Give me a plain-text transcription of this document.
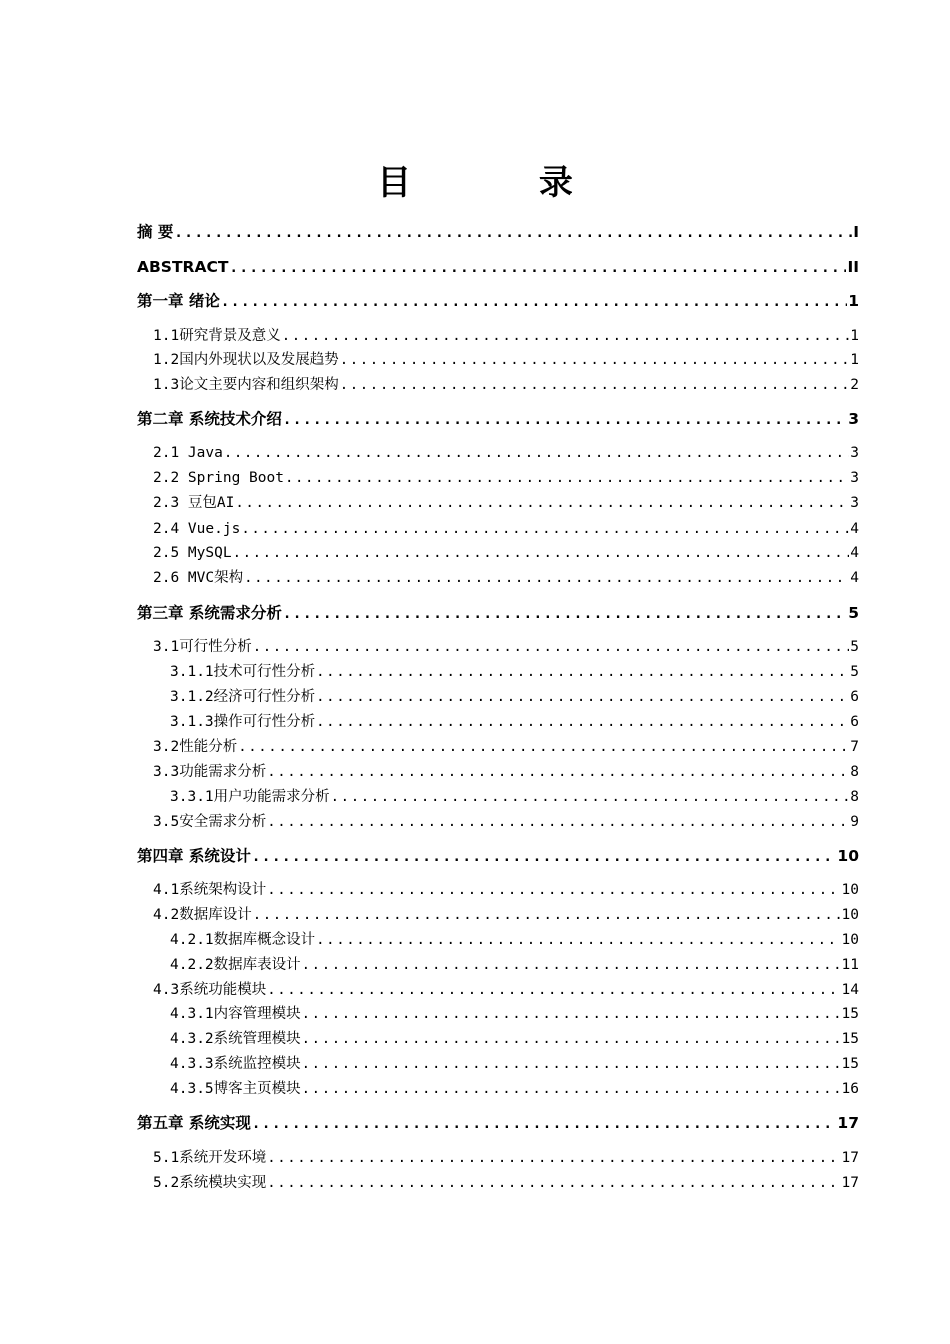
目 录
摘 要 .....	I
ABSTRACT .....	II
第一章 绪论 .....	1
1.1研究背景及意义 .....	1
1.2国内外现状以及发展趋势 .....	1
1.3论文主要内容和组织架构 .....	2
第二章 系统技术介绍 .....	3
2.1 Java .....	3
2.2 Spring Boot .....	3
2.3 豆包AI .....	3
2.4 Vue.js .....	4
2.5 MySQL .....	4
2.6 MVC架构 .....	4
第三章 系统需求分析 .....	5
3.1可行性分析 .....	5
3.1.1技术可行性分析 .....	5
3.1.2经济可行性分析 .....	6
3.1.3操作可行性分析 .....	6
3.2性能分析 .....	7
3.3功能需求分析 .....	8
3.3.1用户功能需求分析 .....	8
3.5安全需求分析 .....	9
第四章 系统设计 .....	10
4.1系统架构设计 .....	10
4.2数据库设计 .....	10
4.2.1数据库概念设计 .....	10
4.2.2数据库表设计 .....	11
4.3系统功能模块 .....	14
4.3.1内容管理模块 .....	15
4.3.2系统管理模块 .....	15
4.3.3系统监控模块 .....	15
4.3.5博客主页模块 .....	16
第五章 系统实现 .....	17
5.1系统开发环境 .....	17
5.2系统模块实现 .....	17
